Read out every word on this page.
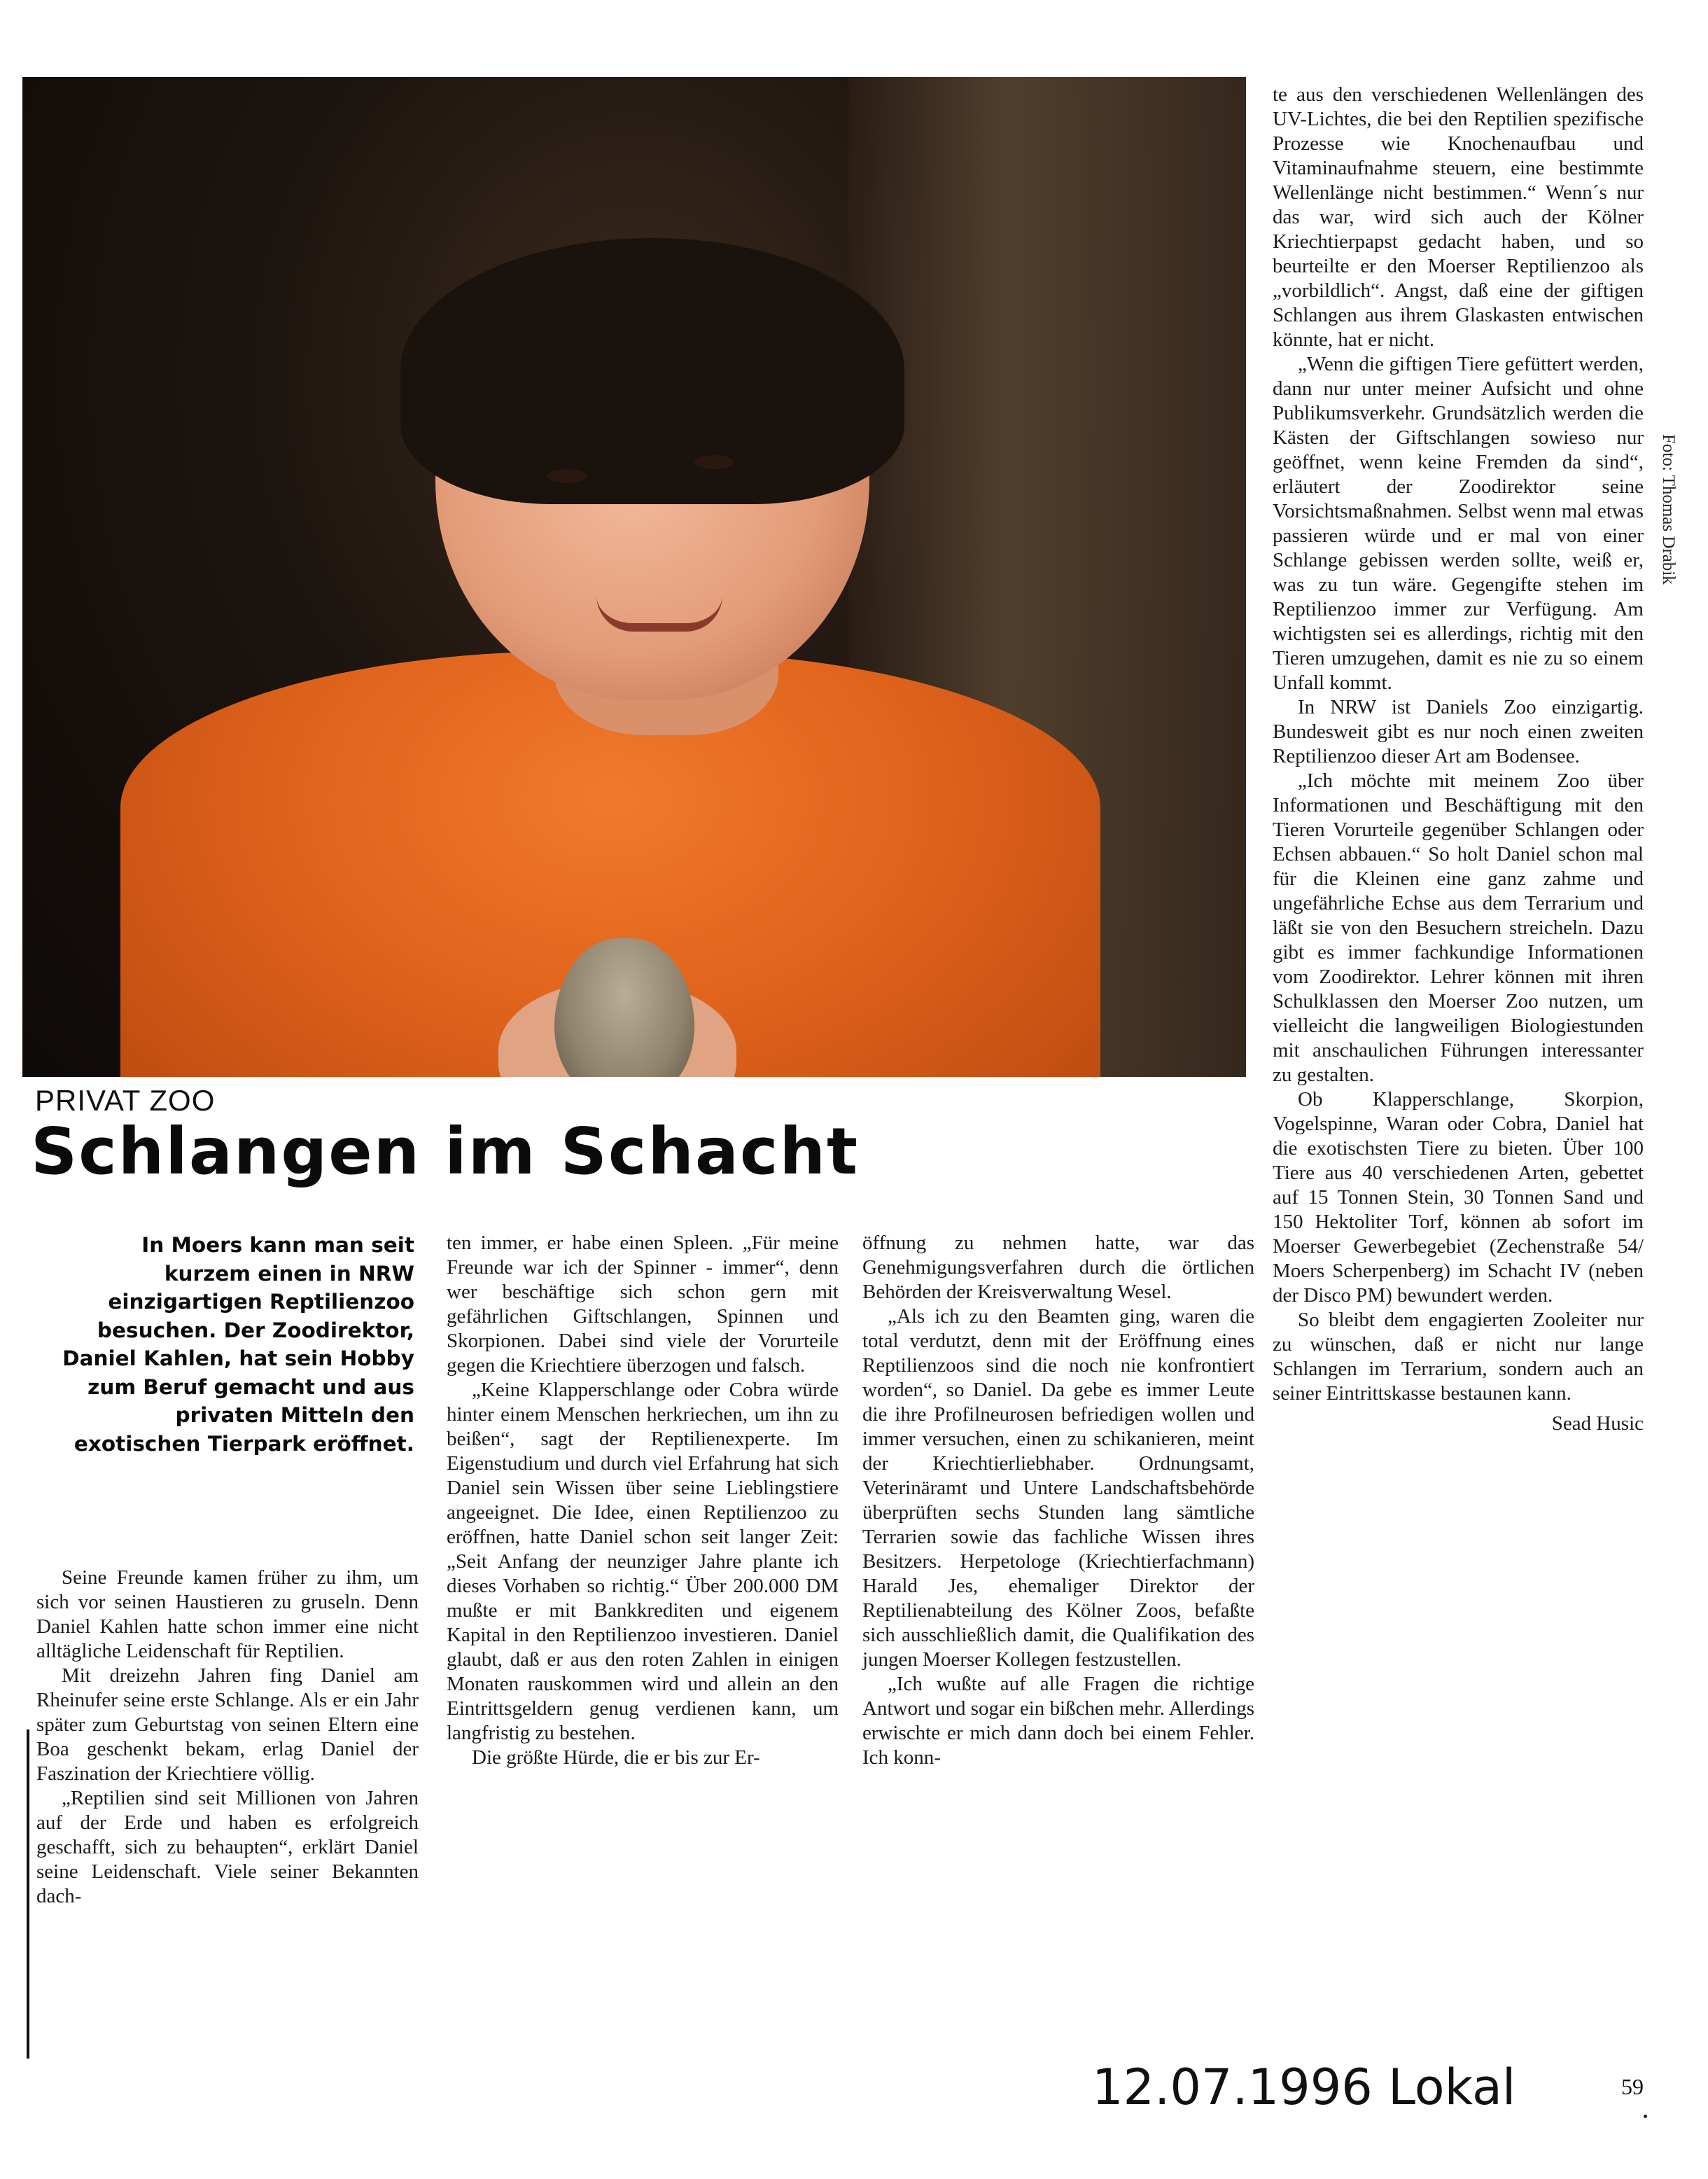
Foto: Thomas Drabik
PRIVAT ZOO
Schlangen im Schacht
In Moers kann man seit kurzem einen in NRW einzigartigen Reptilienzoo besuchen. Der Zoodirektor, Daniel Kahlen, hat sein Hobby zum Beruf gemacht und aus privaten Mitteln den exotischen Tierpark eröffnet.

Seine Freunde kamen früher zu ihm, um sich vor seinen Haustieren zu gruseln. Denn Daniel Kahlen hatte schon immer eine nicht alltägliche Leidenschaft für Reptilien.

Mit dreizehn Jahren fing Daniel am Rheinufer seine erste Schlange. Als er ein Jahr später zum Geburtstag von seinen Eltern eine Boa geschenkt bekam, erlag Daniel der Faszination der Kriechtiere völlig.

„Reptilien sind seit Millionen von Jahren auf der Erde und haben es erfolgreich geschafft, sich zu behaupten“, erklärt Daniel seine Leidenschaft. Viele seiner Bekannten dach-

ten immer, er habe einen Spleen. „Für meine Freunde war ich der Spinner - immer“, denn wer beschäftige sich schon gern mit gefährlichen Giftschlangen, Spinnen und Skorpionen. Dabei sind viele der Vorurteile gegen die Kriechtiere überzogen und falsch.

„Keine Klapperschlange oder Cobra würde hinter einem Menschen herkriechen, um ihn zu beißen“, sagt der Reptilienexperte. Im Eigenstudium und durch viel Erfahrung hat sich Daniel sein Wissen über seine Lieblingstiere angeeignet. Die Idee, einen Reptilienzoo zu eröffnen, hatte Daniel schon seit langer Zeit: „Seit Anfang der neunziger Jahre plante ich dieses Vorhaben so richtig.“ Über 200.000 DM mußte er mit Bankkrediten und eigenem Kapital in den Reptilienzoo investieren. Daniel glaubt, daß er aus den roten Zahlen in einigen Monaten rauskommen wird und allein an den Eintrittsgeldern genug verdienen kann, um langfristig zu bestehen.

Die größte Hürde, die er bis zur Er-

öffnung zu nehmen hatte, war das Genehmigungsverfahren durch die örtlichen Behörden der Kreisverwaltung Wesel.

„Als ich zu den Beamten ging, waren die total verdutzt, denn mit der Eröffnung eines Reptilienzoos sind die noch nie konfrontiert worden“, so Daniel. Da gebe es immer Leute die ihre Profilneurosen befriedigen wollen und immer versuchen, einen zu schikanieren, meint der Kriechtierliebhaber. Ordnungsamt, Veterinäramt und Untere Landschaftsbehörde überprüften sechs Stunden lang sämtliche Terrarien sowie das fachliche Wissen ihres Besitzers. Herpetologe (Kriechtierfachmann) Harald Jes, ehemaliger Direktor der Reptilienabteilung des Kölner Zoos, befaßte sich ausschließlich damit, die Qualifikation des jungen Moerser Kollegen festzustellen.

„Ich wußte auf alle Fragen die richtige Antwort und sogar ein bißchen mehr. Allerdings erwischte er mich dann doch bei einem Fehler. Ich konn-

te aus den verschiedenen Wellenlängen des UV-Lichtes, die bei den Reptilien spezifische Prozesse wie Knochenaufbau und Vitaminaufnahme steuern, eine bestimmte Wellenlänge nicht bestimmen.“ Wenn´s nur das war, wird sich auch der Kölner Kriechtierpapst gedacht haben, und so beurteilte er den Moerser Reptilienzoo als „vorbildlich“. Angst, daß eine der giftigen Schlangen aus ihrem Glaskasten entwischen könnte, hat er nicht.

„Wenn die giftigen Tiere gefüttert werden, dann nur unter meiner Aufsicht und ohne Publikumsverkehr. Grundsätzlich werden die Kästen der Giftschlangen sowieso nur geöffnet, wenn keine Fremden da sind“, erläutert der Zoodirektor seine Vorsichtsmaßnahmen. Selbst wenn mal etwas passieren würde und er mal von einer Schlange gebissen werden sollte, weiß er, was zu tun wäre. Gegengifte stehen im Reptilienzoo immer zur Verfügung. Am wichtigsten sei es allerdings, richtig mit den Tieren umzugehen, damit es nie zu so einem Unfall kommt.

In NRW ist Daniels Zoo einzigartig. Bundesweit gibt es nur noch einen zweiten Reptilienzoo dieser Art am Bodensee.

„Ich möchte mit meinem Zoo über Informationen und Beschäftigung mit den Tieren Vorurteile gegenüber Schlangen oder Echsen abbauen.“ So holt Daniel schon mal für die Kleinen eine ganz zahme und ungefährliche Echse aus dem Terrarium und läßt sie von den Besuchern streicheln. Dazu gibt es immer fachkundige Informationen vom Zoodirektor. Lehrer können mit ihren Schulklassen den Moerser Zoo nutzen, um vielleicht die langweiligen Biologiestunden mit anschaulichen Führungen interessanter zu gestalten.

Ob Klapperschlange, Skorpion, Vogelspinne, Waran oder Cobra, Daniel hat die exotischsten Tiere zu bieten. Über 100 Tiere aus 40 verschiedenen Arten, gebettet auf 15 Tonnen Stein, 30 Tonnen Sand und 150 Hektoliter Torf, können ab sofort im Moerser Gewerbegebiet (Zechenstraße 54/ Moers Scherpenberg) im Schacht IV (neben der Disco PM) bewundert werden.

So bleibt dem engagierten Zooleiter nur zu wünschen, daß er nicht nur lange Schlangen im Terrarium, sondern auch an seiner Eintrittskasse bestaunen kann.

Sead Husic

12.07.1996 Lokal	59
